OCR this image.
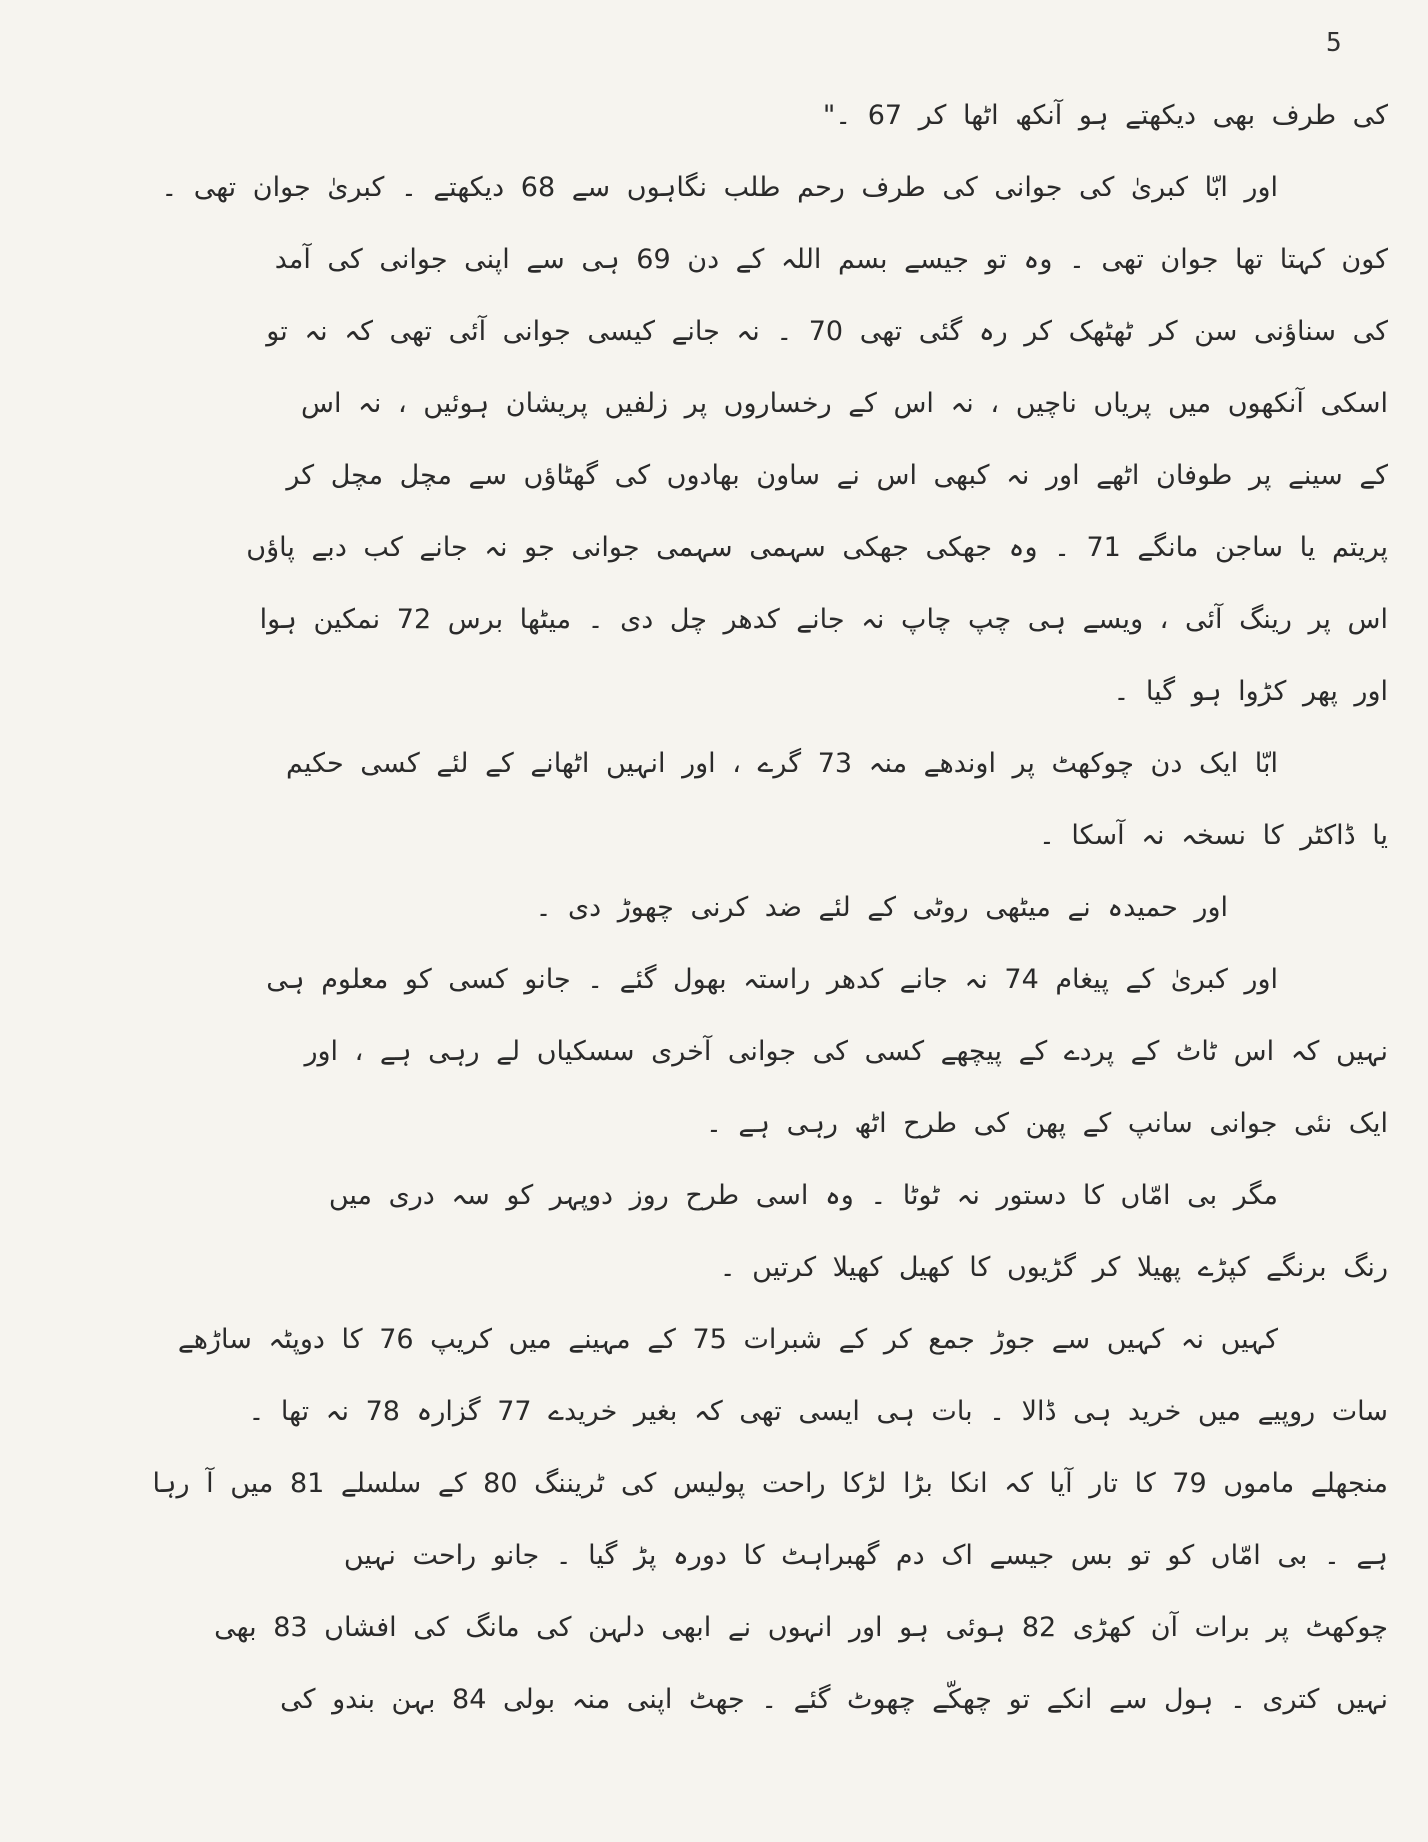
5
کی طرف بھی دیکھتے ہو آنکھ اٹھا کر 67 ۔"
اور ابّا کبریٰ کی جوانی کی طرف رحم طلب نگاہوں سے 68 دیکھتے ۔ کبریٰ جوان تھی ۔
کون کہتا تھا جوان تھی ۔ وہ تو جیسے بسم اللہ کے دن 69 ہی سے اپنی جوانی کی آمد
کی سناؤنی سن کر ٹھٹھک کر رہ گئی تھی 70 ۔ نہ جانے کیسی جوانی آئی تھی کہ نہ تو
اسکی آنکھوں میں پریاں ناچیں ، نہ اس کے رخساروں پر زلفیں پریشان ہوئیں ، نہ اس
کے سینے پر طوفان اٹھے اور نہ کبھی اس نے ساون بھادوں کی گھٹاؤں سے مچل مچل کر
پریتم یا ساجن مانگے 71 ۔ وہ جھکی جھکی سہمی سہمی جوانی جو نہ جانے کب دبے پاؤں
اس پر رینگ آئی ، ویسے ہی چپ چاپ نہ جانے کدھر چل دی ۔ میٹھا برس 72 نمکین ہوا
اور پھر کڑوا ہو گیا ۔
ابّا ایک دن چوکھٹ پر اوندھے منہ 73 گرے ، اور انہیں اٹھانے کے لئے کسی حکیم
یا ڈاکٹر کا نسخہ نہ آسکا ۔
اور حمیدہ نے میٹھی روٹی کے لئے ضد کرنی چھوڑ دی ۔
اور کبریٰ کے پیغام 74 نہ جانے کدھر راستہ بھول گئے ۔ جانو کسی کو معلوم ہی
نہیں کہ اس ٹاٹ کے پردے کے پیچھے کسی کی جوانی آخری سسکیاں لے رہی ہے ، اور
ایک نئی جوانی سانپ کے پھن کی طرح اٹھ رہی ہے ۔
مگر بی امّاں کا دستور نہ ٹوٹا ۔ وہ اسی طرح روز دوپہر کو سہ دری میں
رنگ برنگے کپڑے پھیلا کر گڑیوں کا کھیل کھیلا کرتیں ۔
کہیں نہ کہیں سے جوڑ جمع کر کے شبرات 75 کے مہینے میں کریپ 76 کا دوپٹہ ساڑھے
سات روپیے میں خرید ہی ڈالا ۔ بات ہی ایسی تھی کہ بغیر خریدے 77 گزارہ 78 نہ تھا ۔
منجھلے ماموں 79 کا تار آیا کہ انکا بڑا لڑکا راحت پولیس کی ٹریننگ 80 کے سلسلے 81 میں آ رہا
ہے ۔ بی امّاں کو تو بس جیسے اک دم گھبراہٹ کا دورہ پڑ گیا ۔ جانو راحت نہیں
چوکھٹ پر برات آن کھڑی 82 ہوئی ہو اور انہوں نے ابھی دلہن کی مانگ کی افشاں 83 بھی
نہیں کتری ۔ ہول سے انکے تو چھکّے چھوٹ گئے ۔ جھٹ اپنی منہ بولی 84 بہن بندو کی
